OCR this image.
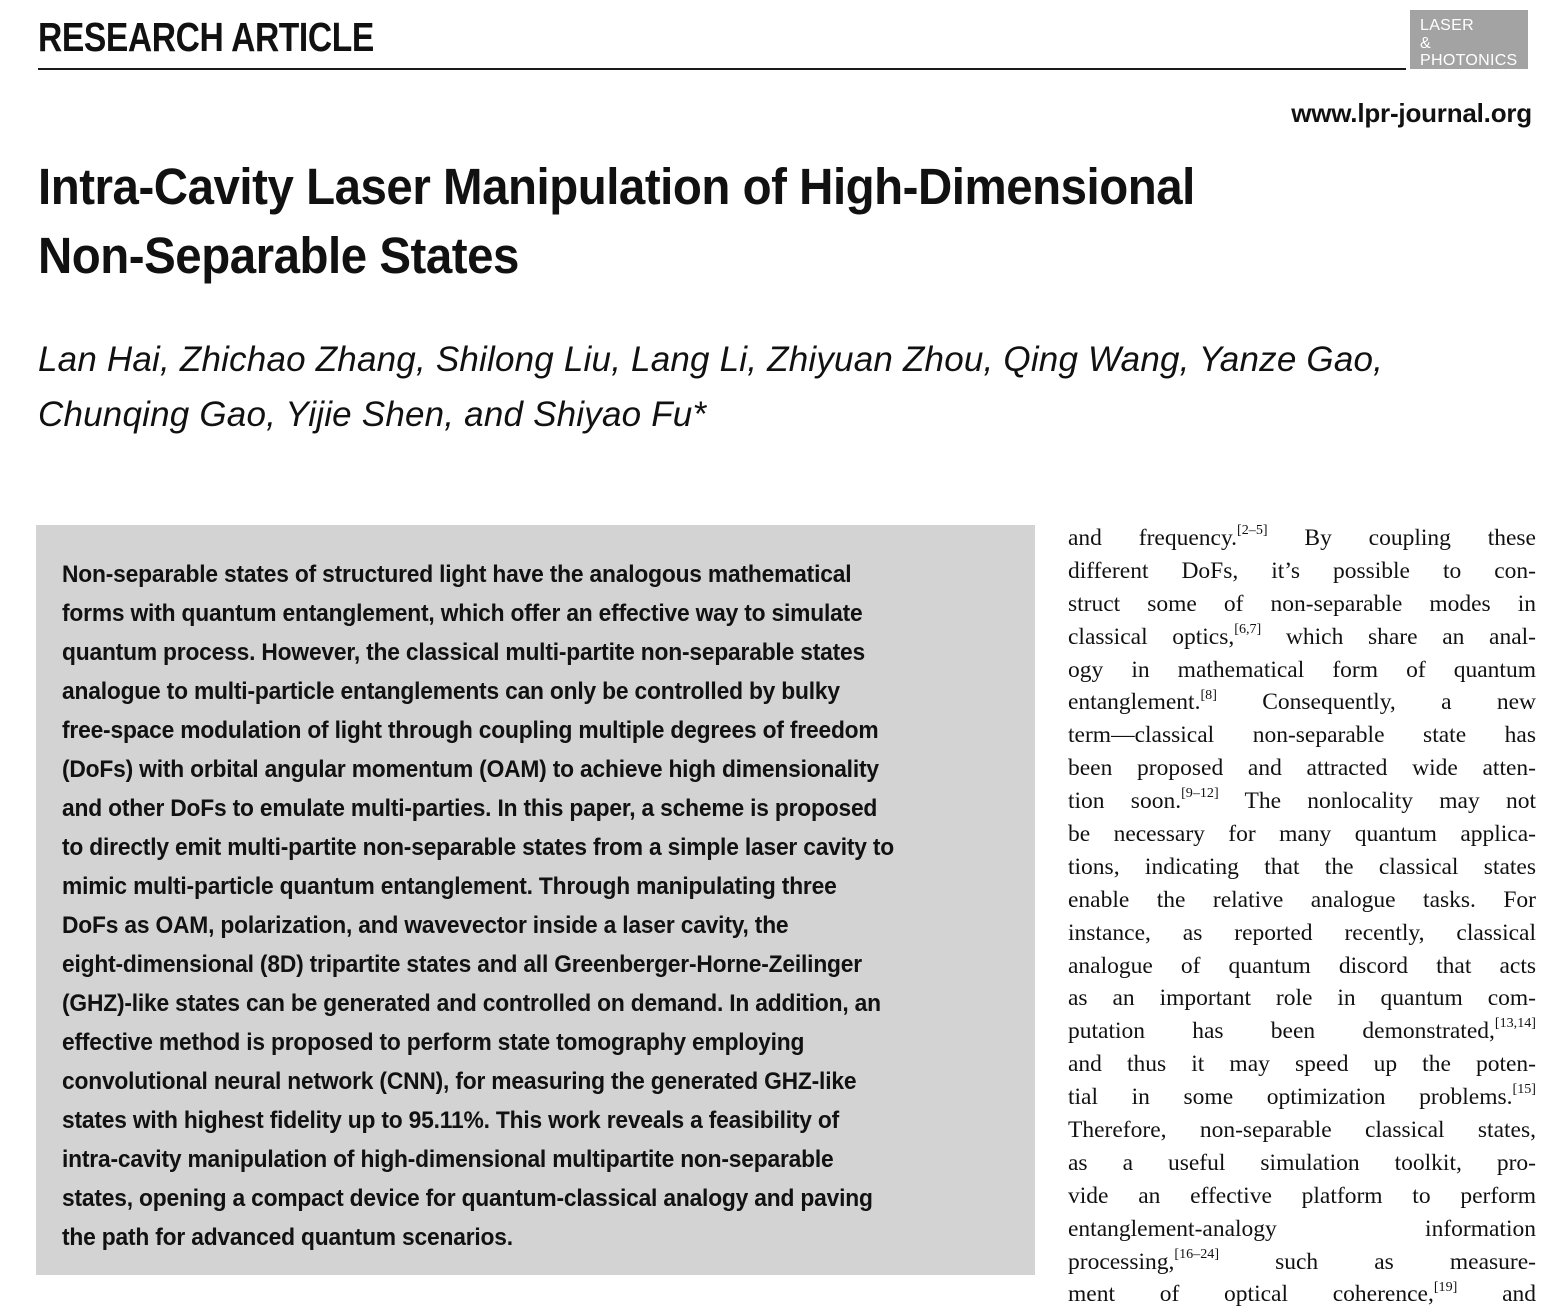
RESEARCH ARTICLE	LASER
& PHOTONICS
REVIEWS
www.lpr-journal.org
Intra-Cavity Laser Manipulation of High-Dimensional
Non-Separable States
Lan Hai, Zhichao Zhang, Shilong Liu, Lang Li, Zhiyuan Zhou, Qing Wang, Yanze Gao,
Chunqing Gao, Yijie Shen, and Shiyao Fu*
Non-separable states of structured light have the analogous mathematical
forms with quantum entanglement, which offer an effective way to simulate
quantum process. However, the classical multi-partite non-separable states
analogue to multi-particle entanglements can only be controlled by bulky
free-space modulation of light through coupling multiple degrees of freedom
(DoFs) with orbital angular momentum (OAM) to achieve high dimensionality
and other DoFs to emulate multi-parties. In this paper, a scheme is proposed
to directly emit multi-partite non-separable states from a simple laser cavity to
mimic multi-particle quantum entanglement. Through manipulating three
DoFs as OAM, polarization, and wavevector inside a laser cavity, the
eight-dimensional (8D) tripartite states and all Greenberger-Horne-Zeilinger
(GHZ)-like states can be generated and controlled on demand. In addition, an
effective method is proposed to perform state tomography employing
convolutional neural network (CNN), for measuring the generated GHZ-like
states with highest fidelity up to 95.11%. This work reveals a feasibility of
intra-cavity manipulation of high-dimensional multipartite non-separable
states, opening a compact device for quantum-classical analogy and paving
the path for advanced quantum scenarios.
and frequency.[2–5] By coupling these
different DoFs, it’s possible to con-
struct some of non-separable modes in
classical optics,[6,7] which share an anal-
ogy in mathematical form of quantum
entanglement.[8] Consequently, a new
term—classical non-separable state has
been proposed and attracted wide atten-
tion soon.[9–12] The nonlocality may not
be necessary for many quantum applica-
tions, indicating that the classical states
enable the relative analogue tasks. For
instance, as reported recently, classical
analogue of quantum discord that acts
as an important role in quantum com-
putation has been demonstrated,[13,14]
and thus it may speed up the poten-
tial in some optimization problems.[15]
Therefore, non-separable classical states,
as a useful simulation toolkit, pro-
vide an effective platform to perform
entanglement-analogy information
processing,[16–24] such as measure-
ment of optical coherence,[19] and
